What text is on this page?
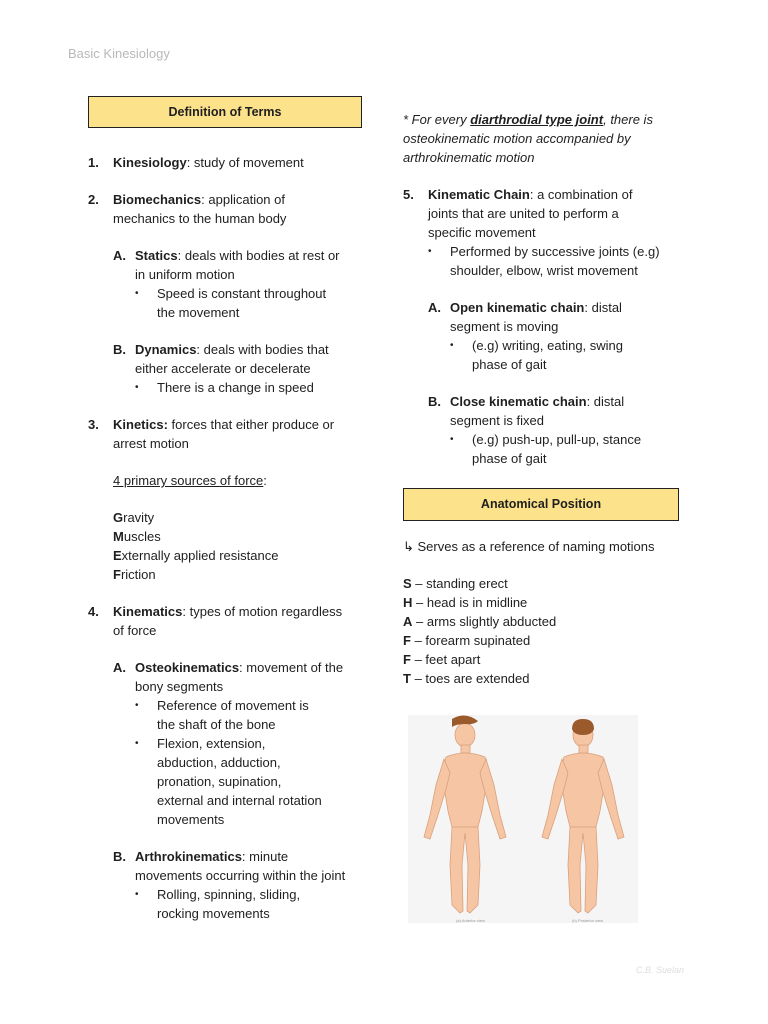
Basic Kinesiology
Definition of Terms
1.	Kinesiology: study of movement
2.	Biomechanics: application of
mechanics to the human body
A. Statics: deals with bodies at rest or
in uniform motion
•	Speed is constant throughout
the movement
B. Dynamics: deals with bodies that
either accelerate or decelerate
•	There is a change in speed
3.	Kinetics: forces that either produce or
arrest motion
4 primary sources of force:
Gravity
Muscles
Externally applied resistance
Friction
4.	Kinematics: types of motion regardless
of force
A. Osteokinematics: movement of the
bony segments
•	Reference of movement is
the shaft of the bone
•	Flexion, extension,
abduction, adduction,
pronation, supination,
external and internal rotation
movements
B. Arthrokinematics: minute
movements occurring within the joint
•	Rolling, spinning, sliding,
rocking movements
* For every diarthrodial type joint, there is
osteokinematic motion accompanied by
arthrokinematic motion
5.	Kinematic Chain: a combination of
joints that are united to perform a
specific movement
•	Performed by successive joints (e.g)
shoulder, elbow, wrist movement
A. Open kinematic chain: distal
segment is moving
•	(e.g) writing, eating, swing
phase of gait
B. Close kinematic chain: distal
segment is fixed
•	(e.g) push-up, pull-up, stance
phase of gait
Anatomical Position
↳ Serves as a reference of naming motions
S – standing erect
H – head is in midline
A – arms slightly abducted
F – forearm supinated
F – feet apart
T – toes are extended
(a) Anterior view	(b) Posterior view
C.B. Suelan
